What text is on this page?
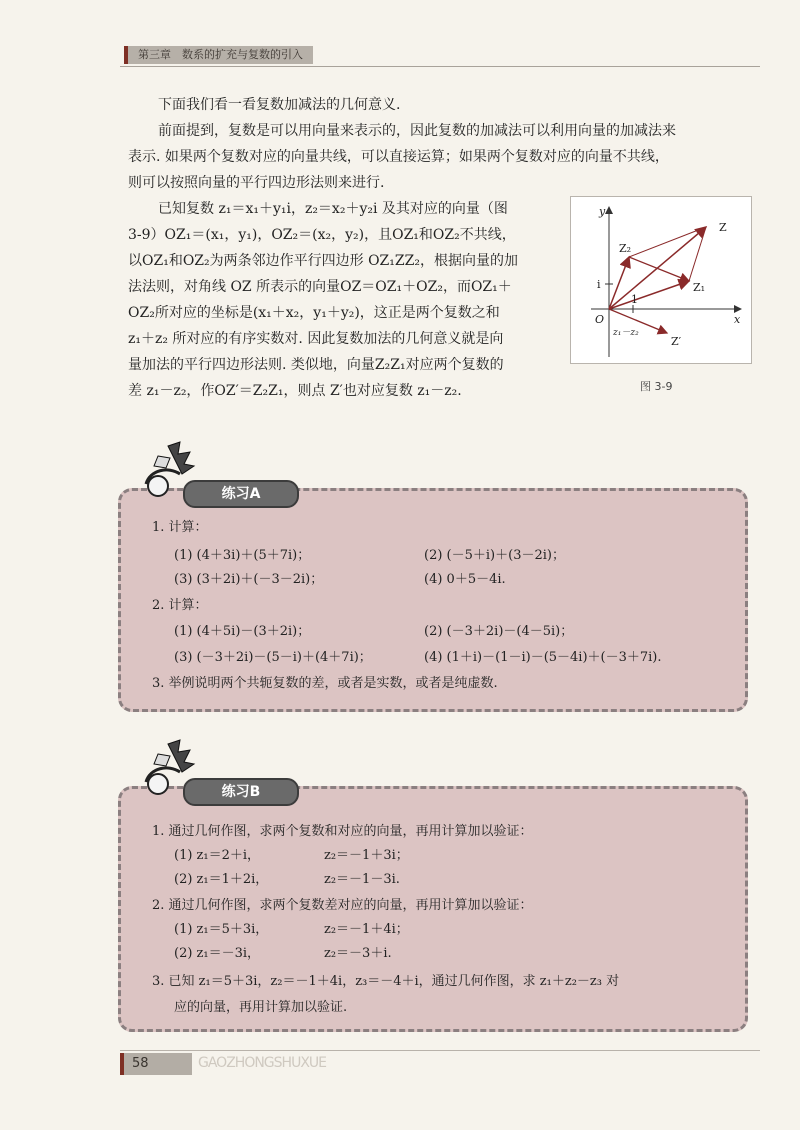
第三章　数系的扩充与复数的引入

下面我们看一看复数加减法的几何意义.

前面提到，复数是可以用向量来表示的，因此复数的加减法可以利用向量的加减法来

表示. 如果两个复数对应的向量共线，可以直接运算；如果两个复数对应的向量不共线，

则可以按照向量的平行四边形法则来进行.

已知复数 z₁＝x₁＋y₁i，z₂＝x₂＋y₂i 及其对应的向量（图

3-9）OZ₁＝(x₁，y₁)，OZ₂＝(x₂，y₂)，且OZ₁和OZ₂不共线，

以OZ₁和OZ₂为两条邻边作平行四边形 OZ₁ZZ₂，根据向量的加

法法则，对角线 OZ 所表示的向量OZ＝OZ₁＋OZ₂，而OZ₁＋

OZ₂所对应的坐标是(x₁＋x₂，y₁＋y₂)，这正是两个复数之和

z₁＋z₂ 所对应的有序实数对. 因此复数加法的几何意义就是向

量加法的平行四边形法则. 类似地，向量Z₂Z₁对应两个复数的

差 z₁－z₂，作OZ′＝Z₂Z₁，则点 Z′也对应复数 z₁－z₂.

y
x
O
i
1
Z
Z₁
Z₂
Z′
z₁－z₂
图 3-9
练习A
1. 计算：
(1) (4＋3i)＋(5＋7i)；	(2) (－5＋i)＋(3－2i)；
(3) (3＋2i)＋(－3－2i)；	(4) 0＋5－4i.
2. 计算：
(1) (4＋5i)－(3＋2i)；	(2) (－3＋2i)－(4－5i)；
(3) (－3＋2i)－(5－i)＋(4＋7i)；	(4) (1＋i)－(1－i)－(5－4i)＋(－3＋7i).
3. 举例说明两个共轭复数的差，或者是实数，或者是纯虚数.
练习B
1. 通过几何作图，求两个复数和对应的向量，再用计算加以验证：
(1) z₁＝2＋i，	z₂＝－1＋3i；
(2) z₁＝1＋2i，	z₂＝－1－3i.
2. 通过几何作图，求两个复数差对应的向量，再用计算加以验证：
(1) z₁＝5＋3i，	z₂＝－1＋4i；
(2) z₁＝－3i，	z₂＝－3＋i.
3. 已知 z₁＝5＋3i，z₂＝－1＋4i，z₃＝－4＋i，通过几何作图，求 z₁＋z₂－z₃ 对
应的向量，再用计算加以验证.
58	GAOZHONGSHUXUE
